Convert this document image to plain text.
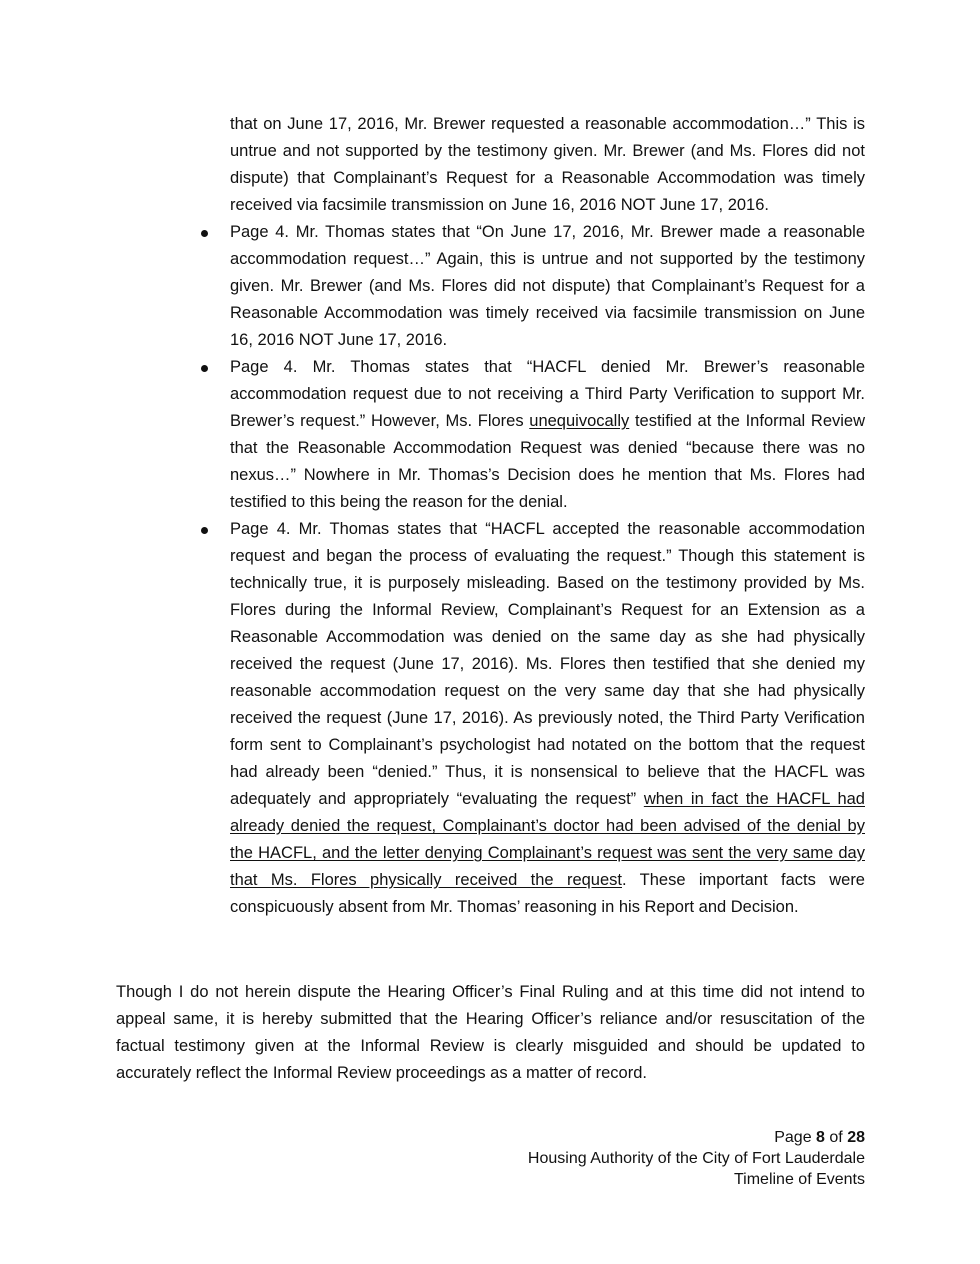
that on June 17, 2016, Mr. Brewer requested a reasonable accommodation…” This is untrue and not supported by the testimony given. Mr. Brewer (and Ms. Flores did not dispute) that Complainant’s Request for a Reasonable Accommodation was timely received via facsimile transmission on June 16, 2016 NOT June 17, 2016.

Page 4. Mr. Thomas states that “On June 17, 2016, Mr. Brewer made a reasonable accommodation request…” Again, this is untrue and not supported by the testimony given. Mr. Brewer (and Ms. Flores did not dispute) that Complainant’s Request for a Reasonable Accommodation was timely received via facsimile transmission on June 16, 2016 NOT June 17, 2016.
Page 4. Mr. Thomas states that “HACFL denied Mr. Brewer’s reasonable accommodation request due to not receiving a Third Party Verification to support Mr. Brewer’s request.” However, Ms. Flores unequivocally testified at the Informal Review that the Reasonable Accommodation Request was denied “because there was no nexus…” Nowhere in Mr. Thomas’s Decision does he mention that Ms. Flores had testified to this being the reason for the denial.
Page 4. Mr. Thomas states that “HACFL accepted the reasonable accommodation request and began the process of evaluating the request.” Though this statement is technically true, it is purposely misleading. Based on the testimony provided by Ms. Flores during the Informal Review, Complainant’s Request for an Extension as a Reasonable Accommodation was denied on the same day as she had physically received the request (June 17, 2016). Ms. Flores then testified that she denied my reasonable accommodation request on the very same day that she had physically received the request (June 17, 2016). As previously noted, the Third Party Verification form sent to Complainant’s psychologist had notated on the bottom that the request had already been “denied.” Thus, it is nonsensical to believe that the HACFL was adequately and appropriately “evaluating the request” when in fact the HACFL had already denied the request, Complainant’s doctor had been advised of the denial by the HACFL, and the letter denying Complainant’s request was sent the very same day that Ms. Flores physically received the request. These important facts were conspicuously absent from Mr. Thomas’ reasoning in his Report and Decision.

Though I do not herein dispute the Hearing Officer’s Final Ruling and at this time did not intend to appeal same, it is hereby submitted that the Hearing Officer’s reliance and/or resuscitation of the factual testimony given at the Informal Review is clearly misguided and should be updated to accurately reflect the Informal Review proceedings as a matter of record.

Page 8 of 28
Housing Authority of the City of Fort Lauderdale
Timeline of Events
